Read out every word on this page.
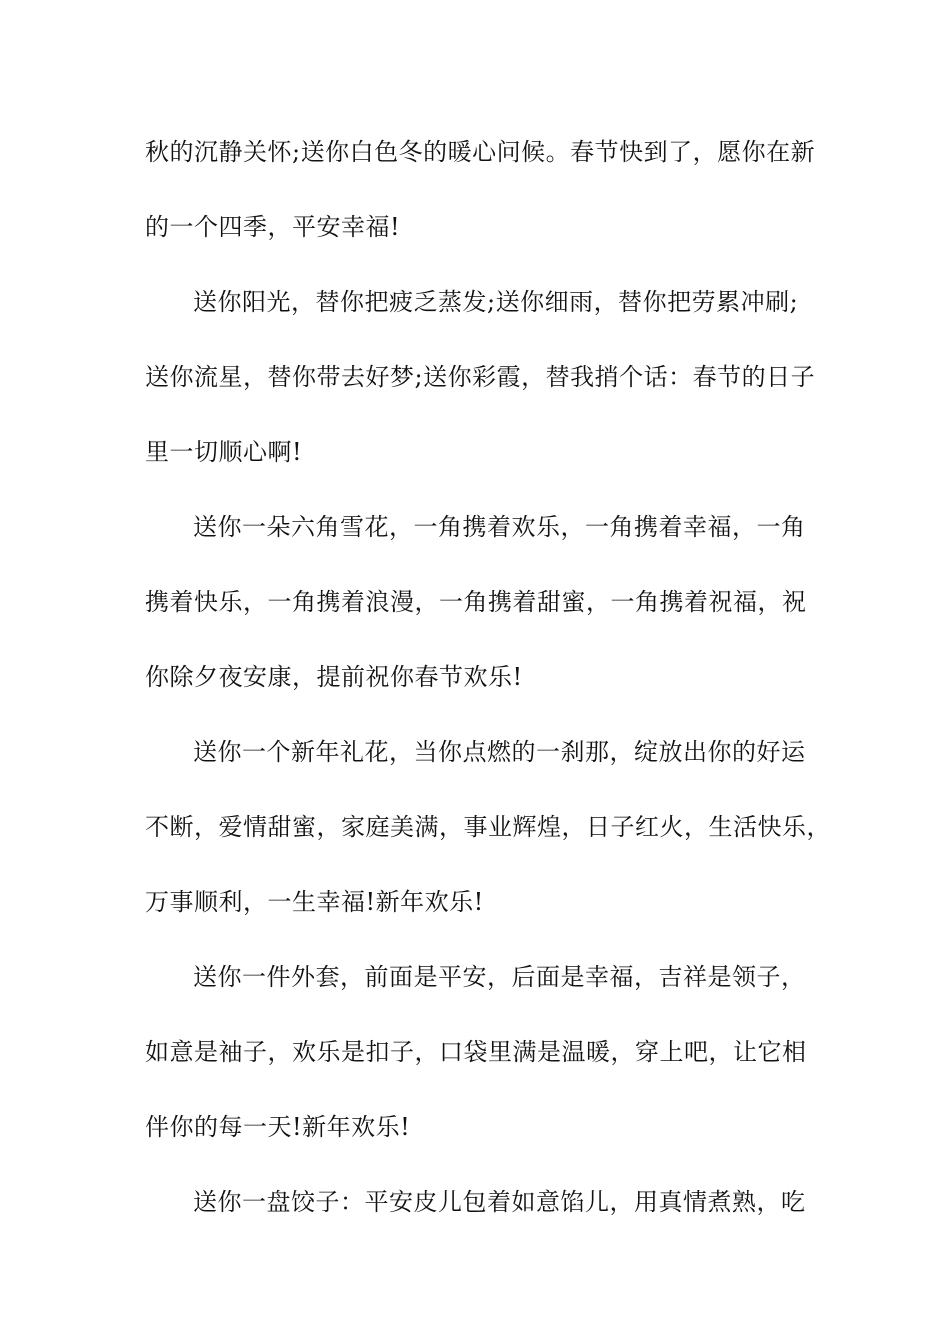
秋的沉静关怀;送你白色冬的暖心问候。春节快到了，愿你在新
的一个四季，平安幸福!
送你阳光，替你把疲乏蒸发;送你细雨，替你把劳累冲刷;
送你流星，替你带去好梦;送你彩霞，替我捎个话：春节的日子
里一切顺心啊!
送你一朵六角雪花，一角携着欢乐，一角携着幸福，一角
携着快乐，一角携着浪漫，一角携着甜蜜，一角携着祝福，祝
你除夕夜安康，提前祝你春节欢乐!
送你一个新年礼花，当你点燃的一刹那，绽放出你的好运
不断，爱情甜蜜，家庭美满，事业辉煌，日子红火，生活快乐，
万事顺利，一生幸福!新年欢乐!
送你一件外套，前面是平安，后面是幸福，吉祥是领子，
如意是袖子，欢乐是扣子，口袋里满是温暖，穿上吧，让它相
伴你的每一天!新年欢乐!
送你一盘饺子：平安皮儿包着如意馅儿，用真情煮熟，吃
